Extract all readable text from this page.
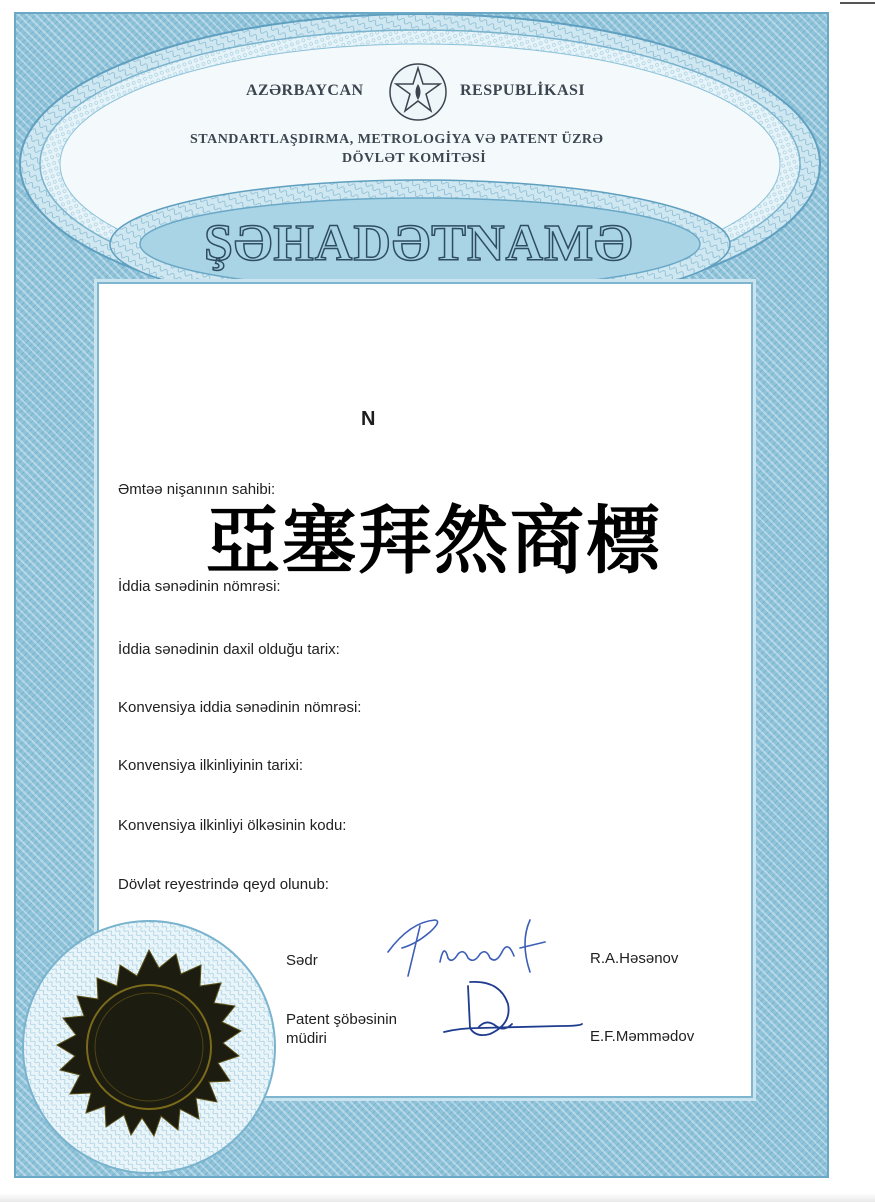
AZƏRBAYCAN	RESPUBLİKASI
STANDARTLAŞDIRMA, METROLOGİYA VƏ PATENT ÜZRƏ
DÖVLƏT KOMİTƏSİ
ŞƏHADƏTNAMƏ
N
Əmtəə nişanının sahibi:
亞塞拜然商標
İddia sənədinin nömrəsi:
İddia sənədinin daxil olduğu tarix:
Konvensiya iddia sənədinin nömrəsi:
Konvensiya ilkinliyinin tarixi:
Konvensiya ilkinliyi ölkəsinin kodu:
Dövlət reyestrində qeyd olunub:
Sədr	R.A.Həsənov
Patent şöbəsinin
müdiri	E.F.Məmmədov
